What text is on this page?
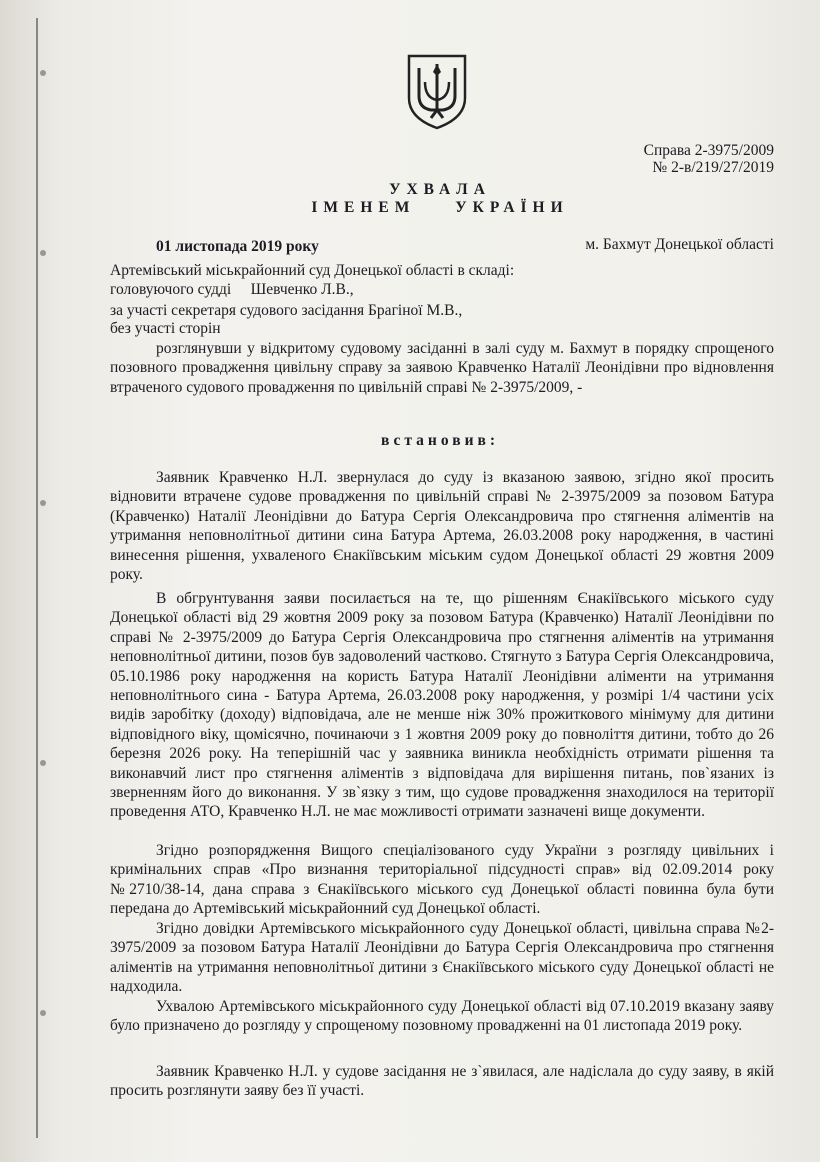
Справа 2-3975/2009
№ 2-в/219/27/2019
УХВАЛА
ІМЕНЕМ УКРАЇНИ
01 листопада 2019 року	м. Бахмут Донецької області
Артемівський міськрайонний суд Донецької області в складі:
головуючого судді     Шевченко Л.В.,
за участі секретаря судового засідання Брагіної М.В.,
без участі сторін

розглянувши у відкритому судовому засіданні в залі суду м. Бахмут в порядку спрощеного позовного провадження цивільну справу за заявою Кравченко Наталії Леонідівни про відновлення втраченого судового провадження по цивільній справі № 2-3975/2009, -

встановив:

Заявник Кравченко Н.Л. звернулася до суду із вказаною заявою, згідно якої просить відновити втрачене судове провадження по цивільній справі № 2-3975/2009 за позовом Батура (Кравченко) Наталії Леонідівни до Батура Сергія Олександровича про стягнення аліментів на утримання неповнолітньої дитини сина Батура Артема, 26.03.2008 року народження, в частині винесення рішення, ухваленого Єнакіївським міським судом Донецької області 29 жовтня 2009 року.

В обгрунтування заяви посилається на те, що рішенням Єнакіївського міського суду Донецької області від 29 жовтня 2009 року за позовом Батура (Кравченко) Наталії Леонідівни по справі № 2-3975/2009 до Батура Сергія Олександровича про стягнення аліментів на утримання неповнолітньої дитини, позов був задоволений частково. Стягнуто з Батура Сергія Олександровича, 05.10.1986 року народження на користь Батура Наталії Леонідівни аліменти на утримання неповнолітнього сина - Батура Артема, 26.03.2008 року народження, у розмірі 1/4 частини усіх видів заробітку (доходу) відповідача, але не менше ніж 30% прожиткового мінімуму для дитини відповідного віку, щомісячно, починаючи з 1 жовтня 2009 року до повноліття дитини, тобто до 26 березня 2026 року. На теперішній час у заявника виникла необхідність отримати рішення та виконавчий лист про стягнення аліментів з відповідача для вирішення питань, пов`язаних із зверненням його до виконання. У зв`язку з тим, що судове провадження знаходилося на території проведення АТО, Кравченко Н.Л. не має можливості отримати зазначені вище документи.

Згідно розпорядження Вищого спеціалізованого суду України з розгляду цивільних і кримінальних справ «Про визнання територіальної підсудності справ» від 02.09.2014 року №2710/38-14, дана справа з Єнакіївського міського суд Донецької області повинна була бути передана до Артемівський міськрайонний суд Донецької області.

Згідно довідки Артемівського міськрайонного суду Донецької області, цивільна справа №2-3975/2009 за позовом Батура Наталії Леонідівни до Батура Сергія Олександровича про стягнення аліментів на утримання неповнолітньої дитини з Єнакіївського міського суду Донецької області не надходила.

Ухвалою Артемівського міськрайонного суду Донецької області від 07.10.2019 вказану заяву було призначено до розгляду у спрощеному позовному провадженні на 01 листопада 2019 року.

Заявник Кравченко Н.Л. у судове засідання не з`явилася, але надіслала до суду заяву, в якій просить розглянути заяву без її участі.
